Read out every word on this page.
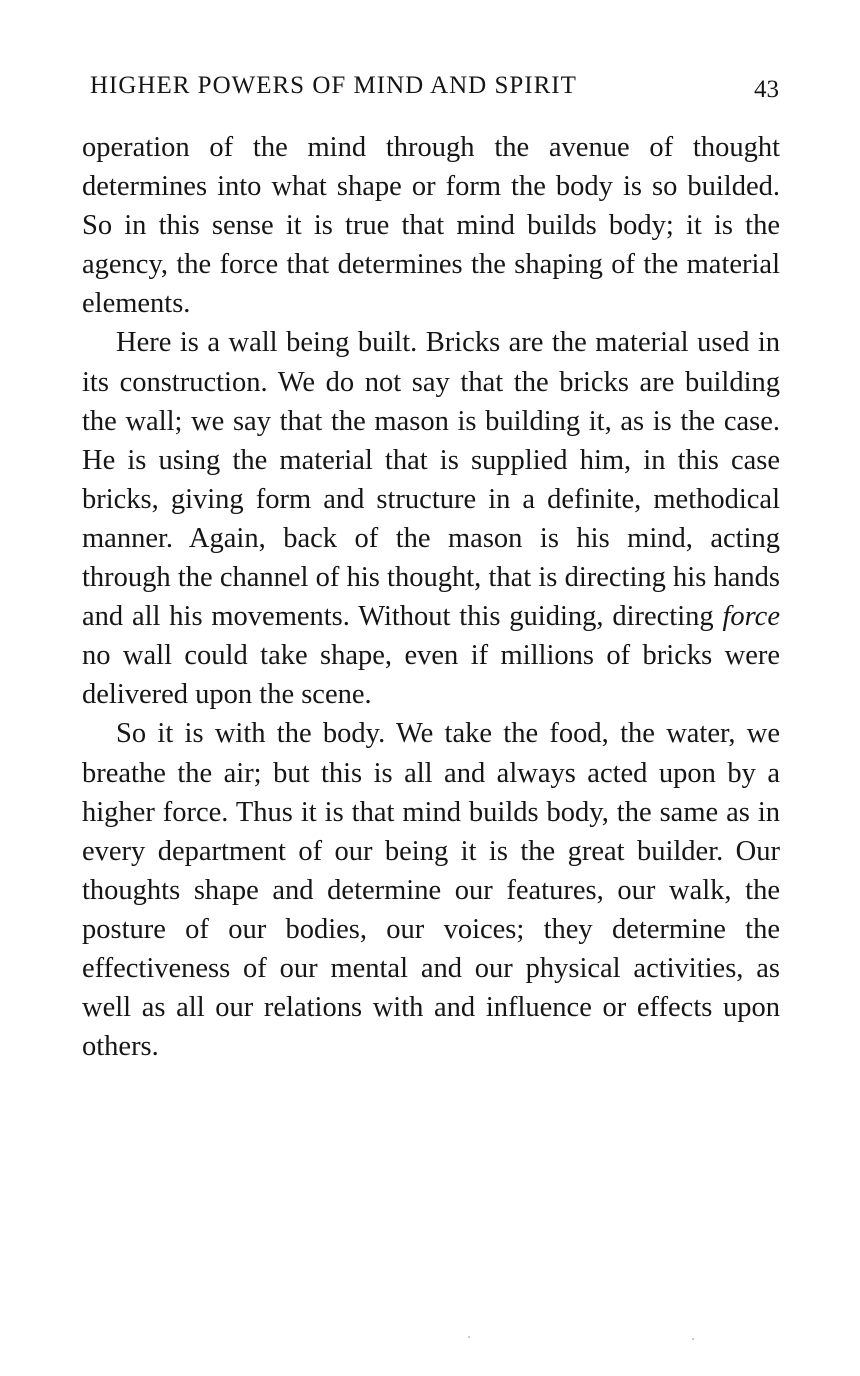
HIGHER POWERS OF MIND AND SPIRIT	43

operation of the mind through the avenue of thought determines into what shape or form the body is so builded. So in this sense it is true that mind builds body; it is the agency, the force that determines the shaping of the material elements.

Here is a wall being built. Bricks are the material used in its construction. We do not say that the bricks are building the wall; we say that the mason is building it, as is the case. He is using the material that is supplied him, in this case bricks, giving form and structure in a definite, methodical manner. Again, back of the mason is his mind, acting through the channel of his thought, that is directing his hands and all his movements. Without this guiding, directing force no wall could take shape, even if millions of bricks were delivered upon the scene.

So it is with the body. We take the food, the water, we breathe the air; but this is all and always acted upon by a higher force. Thus it is that mind builds body, the same as in every department of our being it is the great builder. Our thoughts shape and determine our features, our walk, the posture of our bodies, our voices; they determine the effectiveness of our mental and our physical activities, as well as all our relations with and influence or effects upon others.
